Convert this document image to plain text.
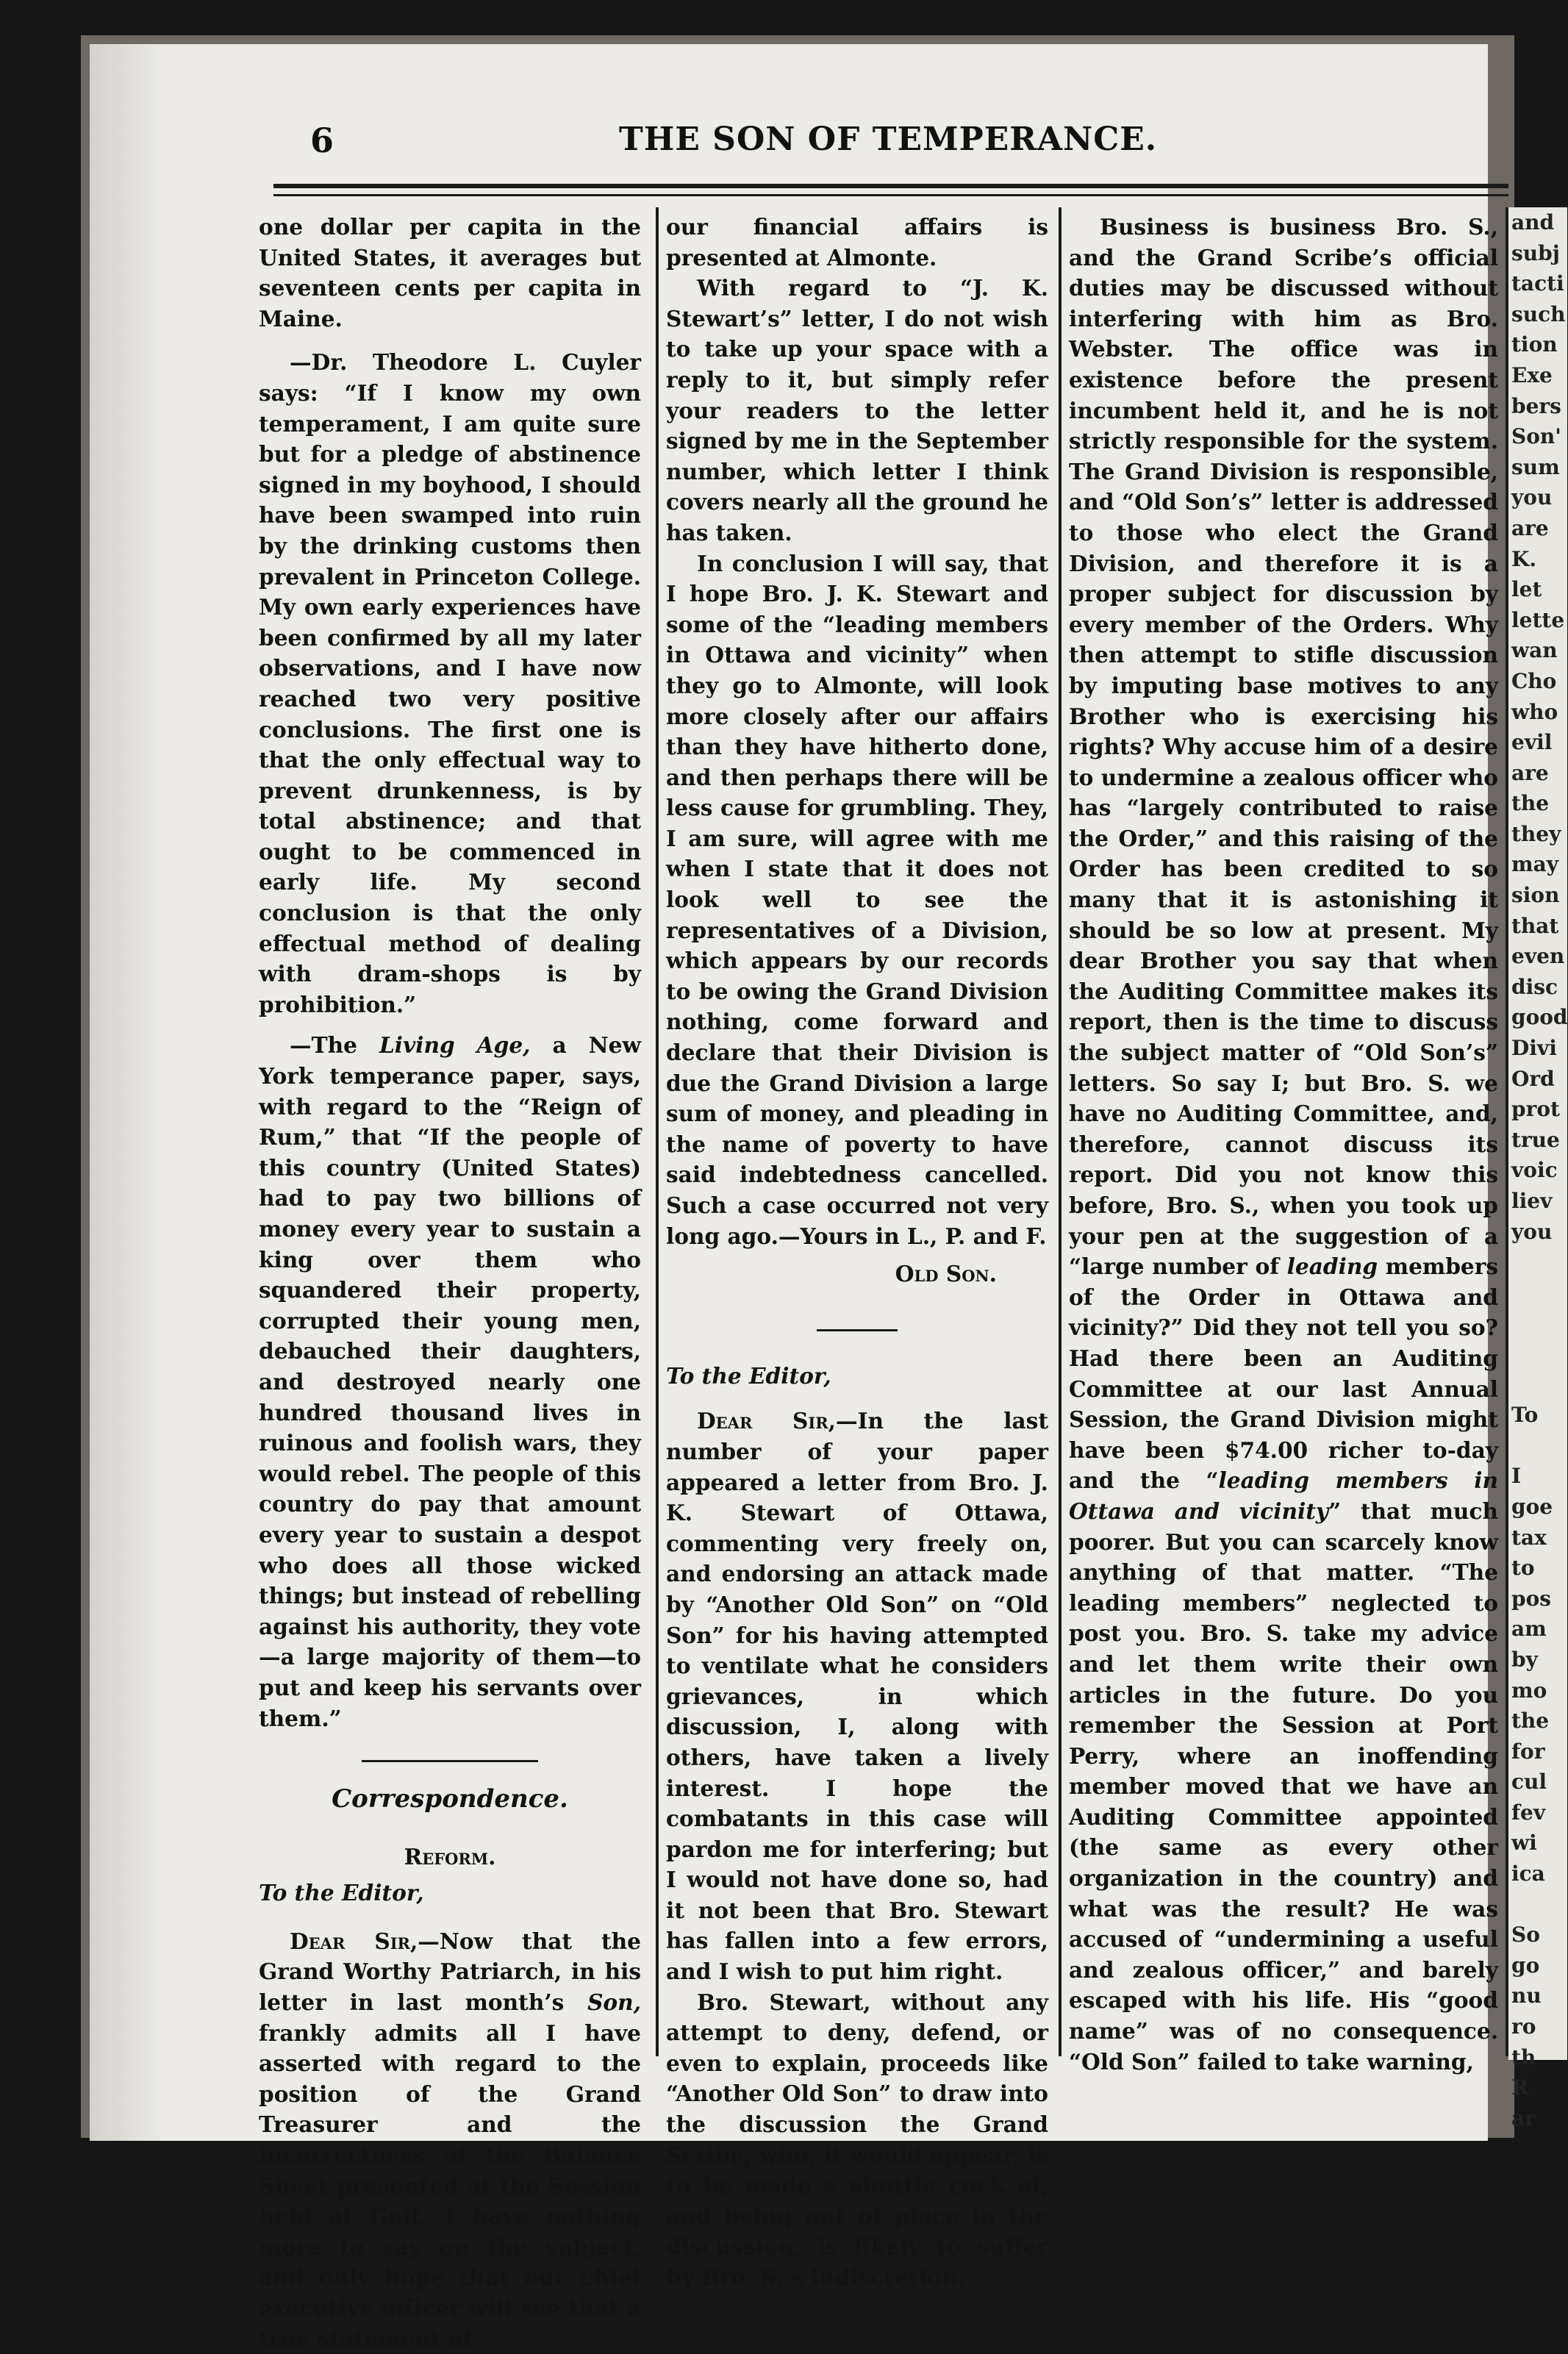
6	THE SON OF TEMPERANCE.

one dollar per capita in the United States, it averages but seventeen cents per capita in Maine.

—Dr. Theodore L. Cuyler says: “If I know my own temperament, I am quite sure but for a pledge of abstinence signed in my boyhood, I should have been swamped into ruin by the drinking customs then prevalent in Princeton College. My own early experiences have been confirmed by all my later observations, and I have now reached two very positive conclusions. The first one is that the only effectual way to prevent drunkenness, is by total abstinence; and that ought to be commenced in early life. My second conclusion is that the only effectual method of dealing with dram-shops is by prohibition.”

—The Living Age, a New York temperance paper, says, with regard to the “Reign of Rum,” that “If the people of this country (United States) had to pay two billions of money every year to sustain a king over them who squandered their property, corrupted their young men, debauched their daughters, and destroyed nearly one hundred thousand lives in ruinous and foolish wars, they would rebel. The people of this country do pay that amount every year to sustain a despot who does all those wicked things; but instead of rebelling against his authority, they vote—a large majority of them—to put and keep his servants over them.”

Correspondence.
Reform.

To the Editor,

Dear Sir,—Now that the Grand Worthy Patriarch, in his letter in last month’s Son, frankly admits all I have asserted with regard to the position of the Grand Treasurer and the incorrectness of the Balance Sheet presented at the Session held at Galt, I have nothing more to say on the subject, and only hope that our chief executive officer will see that a true statement of

our financial affairs is presented at Almonte.

With regard to “J. K. Stewart’s” letter, I do not wish to take up your space with a reply to it, but simply refer your readers to the letter signed by me in the September number, which letter I think covers nearly all the ground he has taken.

In conclusion I will say, that I hope Bro. J. K. Stewart and some of the “leading members in Ottawa and vicinity” when they go to Almonte, will look more closely after our affairs than they have hitherto done, and then perhaps there will be less cause for grumbling. They, I am sure, will agree with me when I state that it does not look well to see the representatives of a Division, which appears by our records to be owing the Grand Division nothing, come forward and declare that their Division is due the Grand Division a large sum of money, and pleading in the name of poverty to have said indebtedness cancelled. Such a case occurred not very long ago.—Yours in L., P. and F.

Old Son.

To the Editor,

Dear Sir,—In the last number of your paper appeared a letter from Bro. J. K. Stewart of Ottawa, commenting very freely on, and endorsing an attack made by “Another Old Son” on “Old Son” for his having attempted to ventilate what he considers grievances, in which discussion, I, along with others, have taken a lively interest. I hope the combatants in this case will pardon me for interfering; but I would not have done so, had it not been that Bro. Stewart has fallen into a few errors, and I wish to put him right.

Bro. Stewart, without any attempt to deny, defend, or even to explain, proceeds like “Another Old Son” to draw into the discussion the Grand Scribe, who, it would appear, is to be made a shuttle cock of, and being out of place in the discussion, is likely to suffer by Bro. S.’s indiscretion.

Business is business Bro. S., and the Grand Scribe’s official duties may be discussed without interfering with him as Bro. Webster. The office was in existence before the present incumbent held it, and he is not strictly responsible for the system. The Grand Division is responsible, and “Old Son’s” letter is addressed to those who elect the Grand Division, and therefore it is a proper subject for discussion by every member of the Orders. Why then attempt to stifle discussion by imputing base motives to any Brother who is exercising his rights? Why accuse him of a desire to undermine a zealous officer who has “largely contributed to raise the Order,” and this raising of the Order has been credited to so many that it is astonishing it should be so low at present. My dear Brother you say that when the Auditing Committee makes its report, then is the time to discuss the subject matter of “Old Son’s” letters. So say I; but Bro. S. we have no Auditing Committee, and, therefore, cannot discuss its report. Did you not know this before, Bro. S., when you took up your pen at the suggestion of a “large number of leading members of the Order in Ottawa and vicinity?” Did they not tell you so? Had there been an Auditing Committee at our last Annual Session, the Grand Division might have been $74.00 richer to-day and the “leading members in Ottawa and vicinity” that much poorer. But you can scarcely know anything of that matter. “The leading members” neglected to post you. Bro. S. take my advice and let them write their own articles in the future. Do you remember the Session at Port Perry, where an inoffending member moved that we have an Auditing Committee appointed (the same as every other organization in the country) and what was the result? He was accused of “undermining a useful and zealous officer,” and barely escaped with his life. His “good name” was of no consequence. “Old Son” failed to take warning,

and
subj
tacti
such
tion
Exe
bers
Son'
sum
you
are
K.
let
lette
wan
Cho
who
evil
are
the
they
may
sion
that
even
disc
good
Divi
Ord
prot
true
voic
liev
you
To
I
goe
tax
to
pos
am
by
mo
the
for
cul
fev
wi
ica
So
go
nu
ro
th
R
ar
